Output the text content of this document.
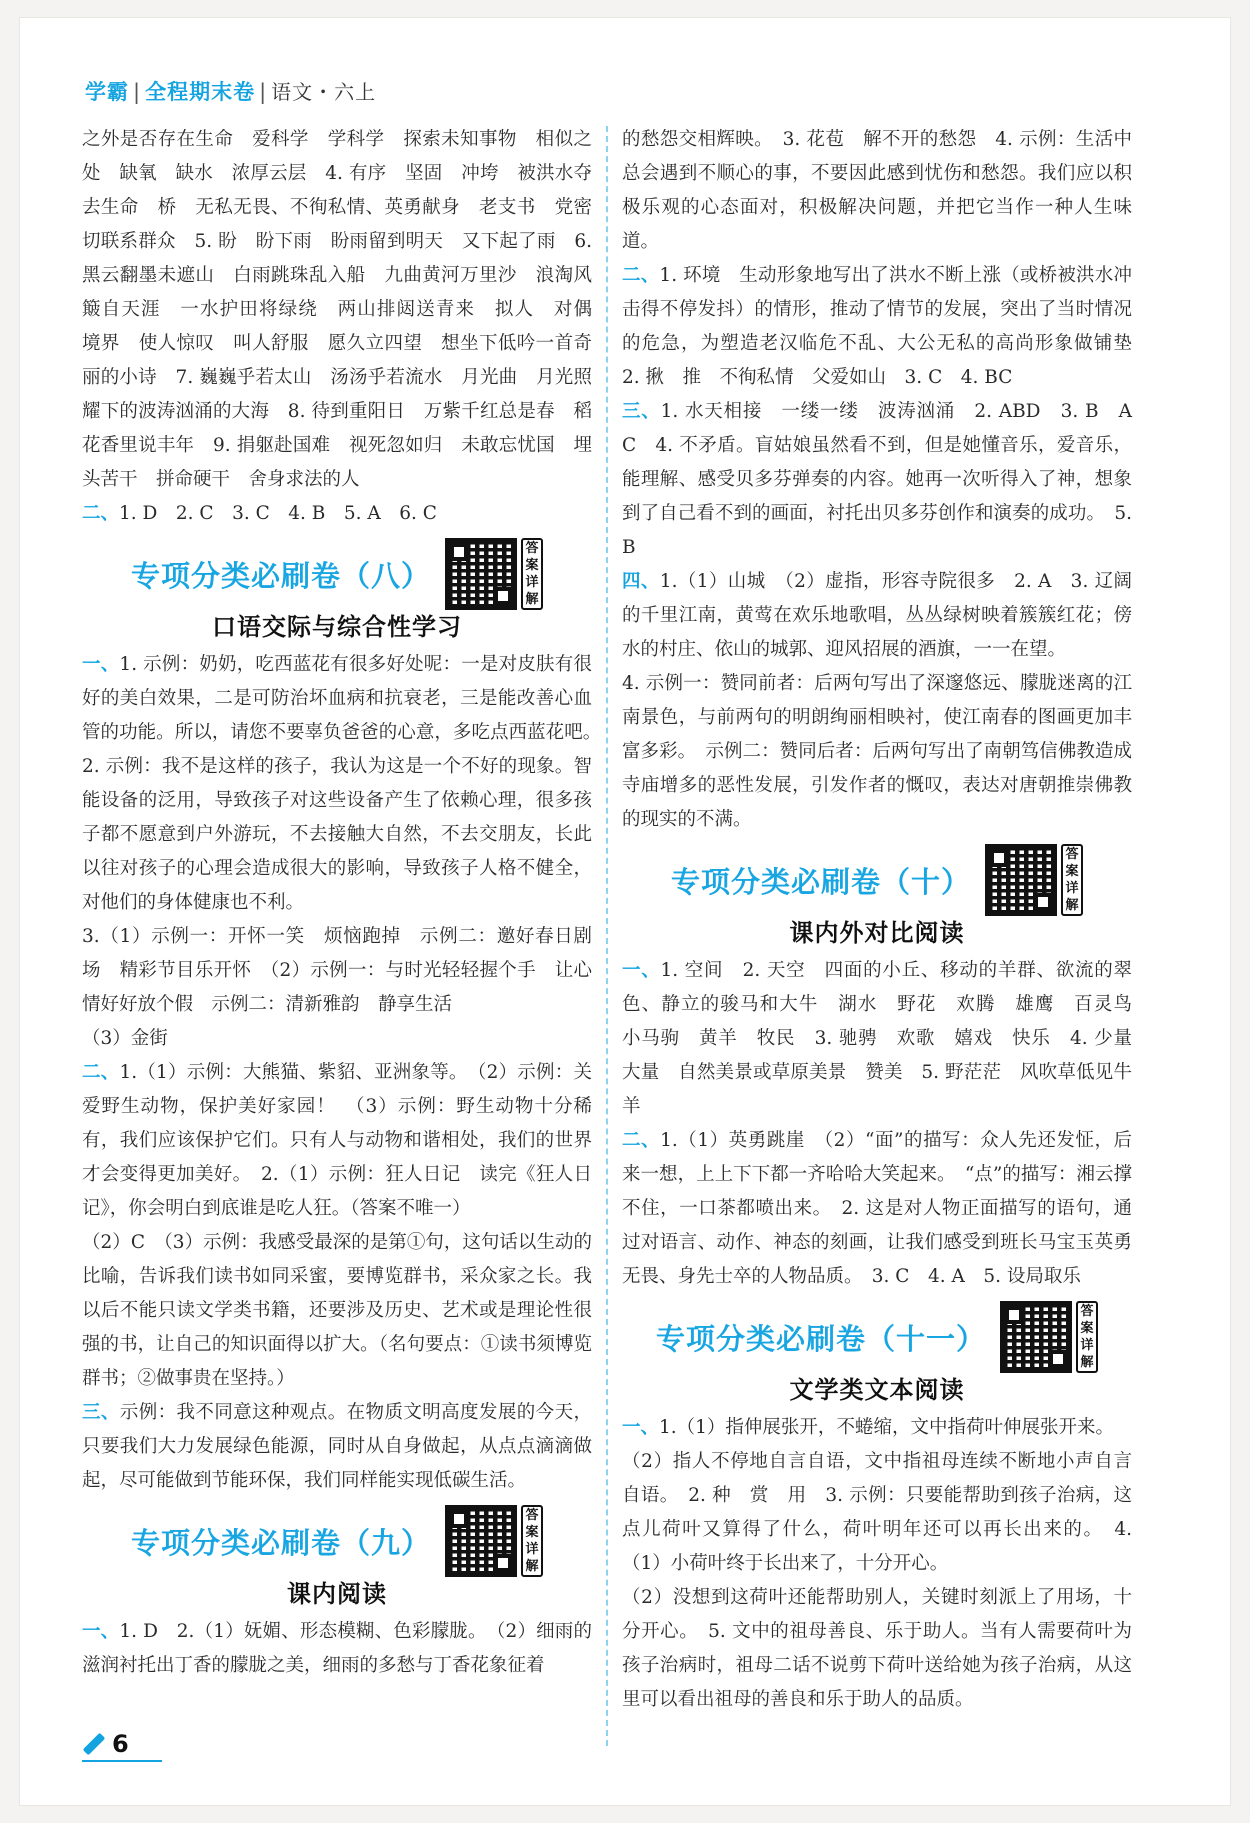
学霸 | 全程期末卷 | 语文・六上

之外是否存在生命　爱科学　学科学　探索未知事物　相似之处　缺氧　缺水　浓厚云层　4. 有序　坚固　冲垮　被洪水夺去生命　桥　无私无畏、不徇私情、英勇献身　老支书　党密切联系群众　5. 盼　盼下雨　盼雨留到明天　又下起了雨　6. 黑云翻墨未遮山　白雨跳珠乱入船　九曲黄河万里沙　浪淘风簸自天涯　一水护田将绿绕　两山排闼送青来　拟人　对偶　境界　使人惊叹　叫人舒服　愿久立四望　想坐下低吟一首奇丽的小诗　7. 巍巍乎若太山　汤汤乎若流水　月光曲　月光照耀下的波涛汹涌的大海　8. 待到重阳日　万紫千红总是春　稻花香里说丰年　9. 捐躯赴国难　视死忽如归　未敢忘忧国　埋头苦干　拼命硬干　舍身求法的人

二、1. D　2. C　3. C　4. B　5. A　6. C

专项分类必刷卷（八）
答
案
详
解
口语交际与综合性学习

一、1. 示例：奶奶，吃西蓝花有很多好处呢：一是对皮肤有很好的美白效果，二是可防治坏血病和抗衰老，三是能改善心血管的功能。所以，请您不要辜负爸爸的心意，多吃点西蓝花吧。　2. 示例：我不是这样的孩子，我认为这是一个不好的现象。智能设备的泛用，导致孩子对这些设备产生了依赖心理，很多孩子都不愿意到户外游玩，不去接触大自然，不去交朋友，长此以往对孩子的心理会造成很大的影响，导致孩子人格不健全，对他们的身体健康也不利。

3.（1）示例一：开怀一笑　烦恼跑掉　示例二：邀好春日剧场　精彩节目乐开怀　（2）示例一：与时光轻轻握个手　让心情好好放个假　示例二：清新雅韵　静享生活

（3）金街

二、1.（1）示例：大熊猫、紫貂、亚洲象等。　（2）示例：关爱野生动物，保护美好家园！　（3）示例：野生动物十分稀有，我们应该保护它们。只有人与动物和谐相处，我们的世界才会变得更加美好。　2.（1）示例：狂人日记　读完《狂人日记》，你会明白到底谁是吃人狂。（答案不唯一）

（2）C　（3）示例：我感受最深的是第①句，这句话以生动的比喻，告诉我们读书如同采蜜，要博览群书，采众家之长。我以后不能只读文学类书籍，还要涉及历史、艺术或是理论性很强的书，让自己的知识面得以扩大。（名句要点：①读书须博览群书；②做事贵在坚持。）

三、示例：我不同意这种观点。在物质文明高度发展的今天，只要我们大力发展绿色能源，同时从自身做起，从点点滴滴做起，尽可能做到节能环保，我们同样能实现低碳生活。

专项分类必刷卷（九）
答
案
详
解
课内阅读

一、1. D　2.（1）妩媚、形态模糊、色彩朦胧。　（2）细雨的滋润衬托出丁香的朦胧之美，细雨的多愁与丁香花象征着

的愁怨交相辉映。　3. 花苞　解不开的愁怨　4. 示例：生活中总会遇到不顺心的事，不要因此感到忧伤和愁怨。我们应以积极乐观的心态面对，积极解决问题，并把它当作一种人生味道。

二、1. 环境　生动形象地写出了洪水不断上涨（或桥被洪水冲击得不停发抖）的情形，推动了情节的发展，突出了当时情况的危急，为塑造老汉临危不乱、大公无私的高尚形象做铺垫　2. 揪　推　不徇私情　父爱如山　3. C　4. BC

三、1. 水天相接　一缕一缕　波涛汹涌　2. ABD　3. B　A　C　4. 不矛盾。盲姑娘虽然看不到，但是她懂音乐，爱音乐，能理解、感受贝多芬弹奏的内容。她再一次听得入了神，想象到了自己看不到的画面，衬托出贝多芬创作和演奏的成功。　5. B

四、1.（1）山城　（2）虚指，形容寺院很多　2. A　3. 辽阔的千里江南，黄莺在欢乐地歌唱，丛丛绿树映着簇簇红花；傍水的村庄、依山的城郭、迎风招展的酒旗，一一在望。

4. 示例一：赞同前者：后两句写出了深邃悠远、朦胧迷离的江南景色，与前两句的明朗绚丽相映衬，使江南春的图画更加丰富多彩。　示例二：赞同后者：后两句写出了南朝笃信佛教造成寺庙增多的恶性发展，引发作者的慨叹，表达对唐朝推崇佛教的现实的不满。

专项分类必刷卷（十）
答
案
详
解
课内外对比阅读

一、1. 空间　2. 天空　四面的小丘、移动的羊群、欲流的翠色、静立的骏马和大牛　湖水　野花　欢腾　雄鹰　百灵鸟　小马驹　黄羊　牧民　3. 驰骋　欢歌　嬉戏　快乐　4. 少量　大量　自然美景或草原美景　赞美　5. 野茫茫　风吹草低见牛羊

二、1.（1）英勇跳崖　（2）“面”的描写：众人先还发怔，后来一想，上上下下都一齐哈哈大笑起来。　“点”的描写：湘云撑不住，一口茶都喷出来。　2. 这是对人物正面描写的语句，通过对语言、动作、神态的刻画，让我们感受到班长马宝玉英勇无畏、身先士卒的人物品质。　3. C　4. A　5. 设局取乐

专项分类必刷卷（十一）
答
案
详
解
文学类文本阅读

一、1.（1）指伸展张开，不蜷缩，文中指荷叶伸展张开来。

（2）指人不停地自言自语，文中指祖母连续不断地小声自言自语。　2. 种　赏　用　3. 示例：只要能帮助到孩子治病，这点儿荷叶又算得了什么，荷叶明年还可以再长出来的。　4.（1）小荷叶终于长出来了，十分开心。

（2）没想到这荷叶还能帮助别人，关键时刻派上了用场，十分开心。　5. 文中的祖母善良、乐于助人。当有人需要荷叶为孩子治病时，祖母二话不说剪下荷叶送给她为孩子治病，从这里可以看出祖母的善良和乐于助人的品质。

6
